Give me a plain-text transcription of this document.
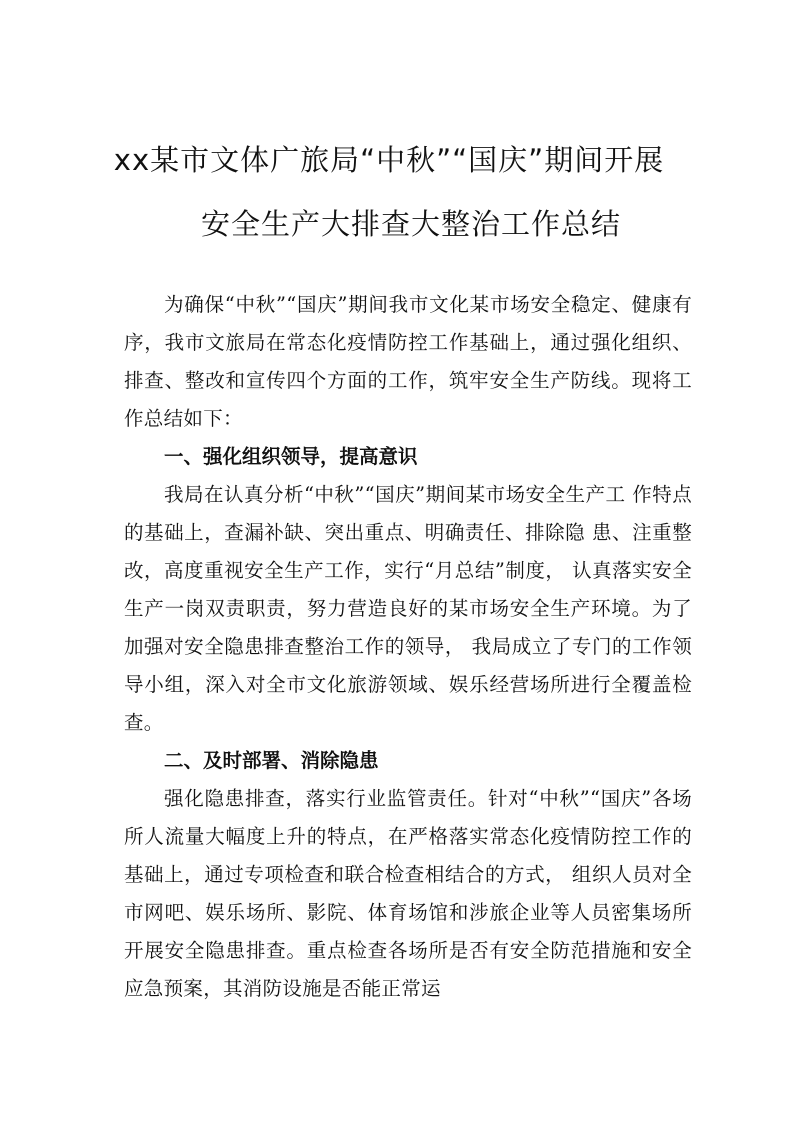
xx某市文体广旅局“中秋”“国庆”期间开展
安全生产大排查大整治工作总结

为确保“中秋”“国庆”期间我市文化某市场安全稳定、健康有序，我市文旅局在常态化疫情防控工作基础上，通过强化组织、排查、整改和宣传四个方面的工作，筑牢安全生产防线。现将工作总结如下：

一、强化组织领导，提高意识

我局在认真分析“中秋”“国庆”期间某市场安全生产工 作特点的基础上，查漏补缺、突出重点、明确责任、排除隐 患、注重整改，高度重视安全生产工作，实行“月总结”制度， 认真落实安全生产一岗双责职责，努力营造良好的某市场安全生产环境。为了加强对安全隐患排查整治工作的领导， 我局成立了专门的工作领导小组，深入对全市文化旅游领域、娱乐经营场所进行全覆盖检查。

二、及时部署、消除隐患

强化隐患排查，落实行业监管责任。针对“中秋”“国庆”各场所人流量大幅度上升的特点，在严格落实常态化疫情防控工作的基础上，通过专项检查和联合检查相结合的方式， 组织人员对全市网吧、娱乐场所、影院、体育场馆和涉旅企业等人员密集场所开展安全隐患排查。重点检查各场所是否有安全防范措施和安全应急预案，其消防设施是否能正常运
